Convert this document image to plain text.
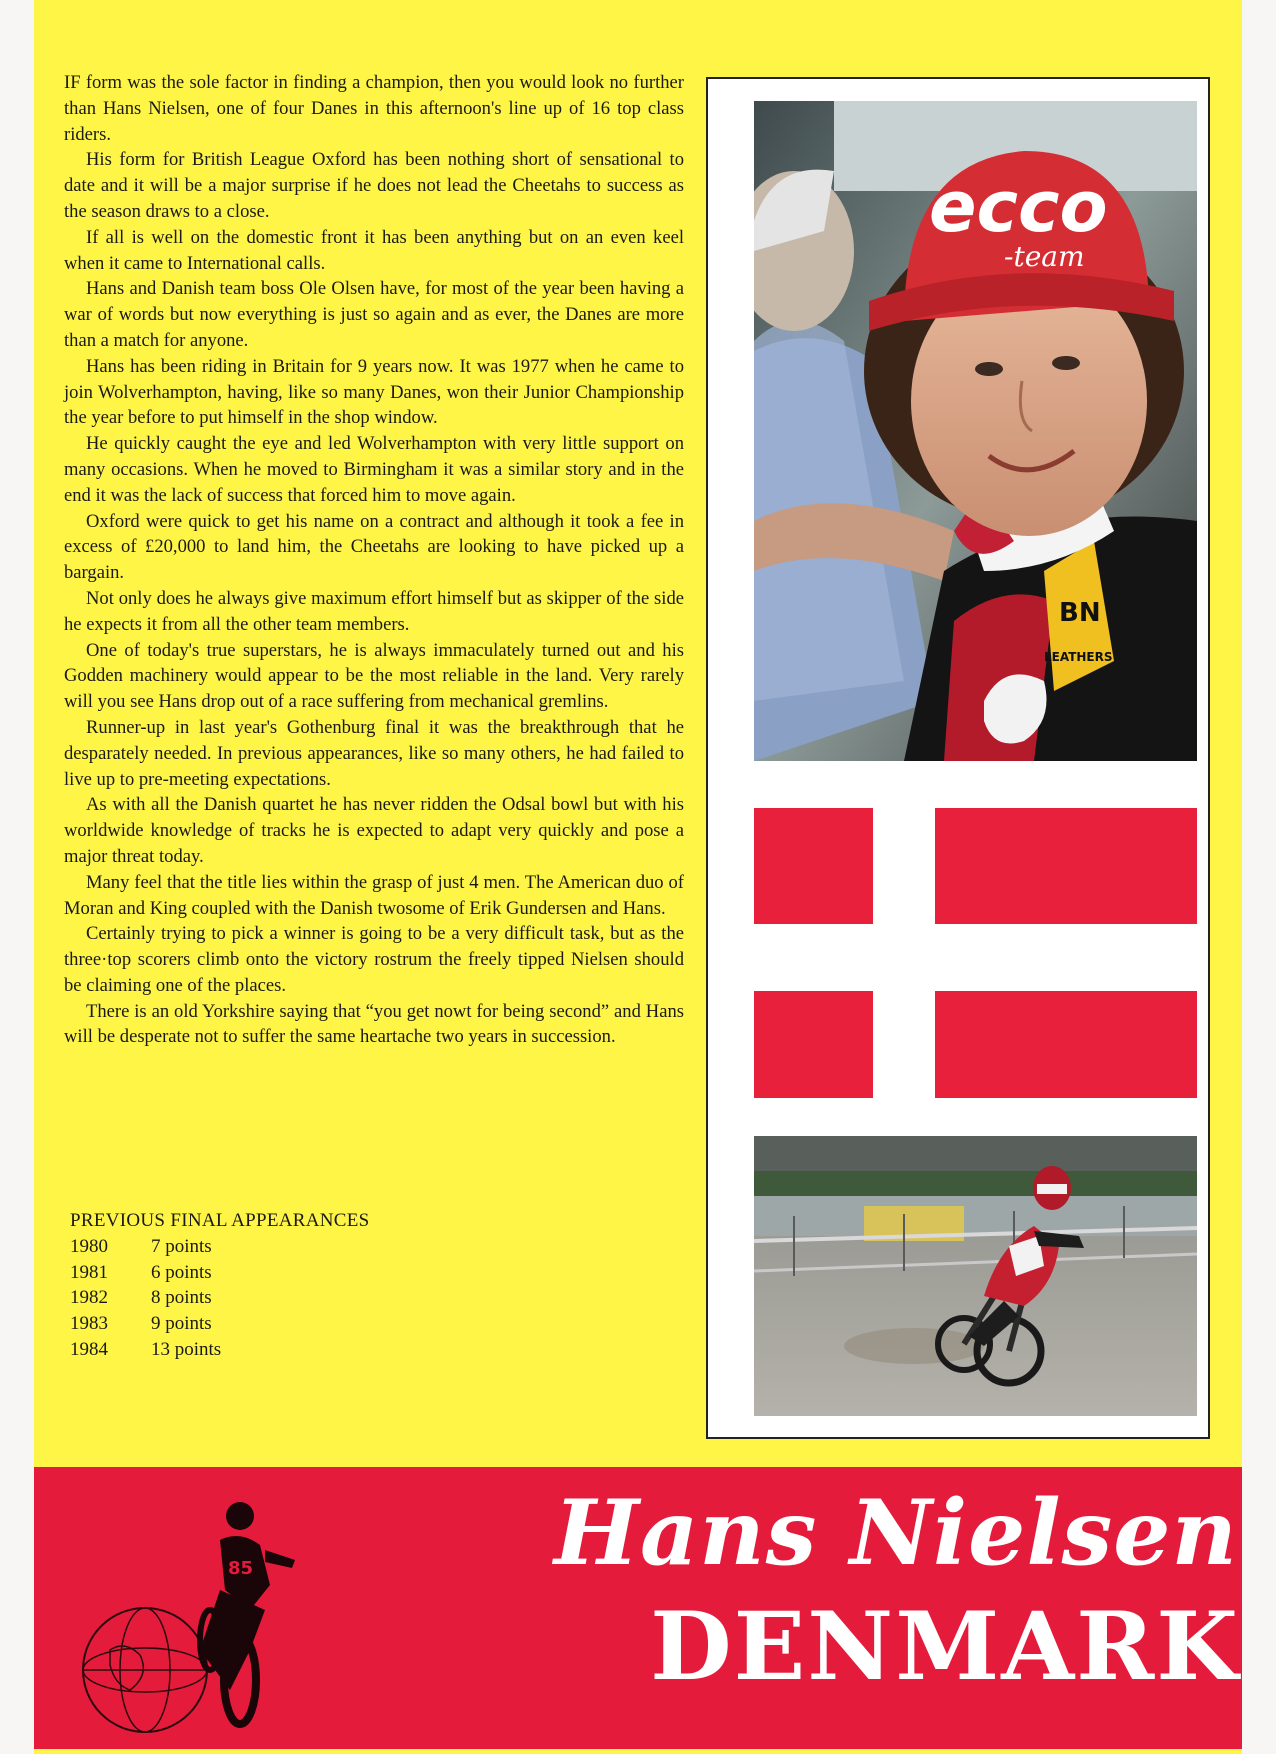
IF form was the sole factor in finding a champion, then you would look no further than Hans Nielsen, one of four Danes in this afternoon's line up of 16 top class riders.

His form for British League Oxford has been nothing short of sensational to date and it will be a major surprise if he does not lead the Cheetahs to success as the season draws to a close.

If all is well on the domestic front it has been anything but on an even keel when it came to International calls.

Hans and Danish team boss Ole Olsen have, for most of the year been having a war of words but now everything is just so again and as ever, the Danes are more than a match for anyone.

Hans has been riding in Britain for 9 years now. It was 1977 when he came to join Wolverhampton, having, like so many Danes, won their Junior Championship the year before to put himself in the shop window.

He quickly caught the eye and led Wolverhampton with very little support on many occasions. When he moved to Birmingham it was a similar story and in the end it was the lack of success that forced him to move again.

Oxford were quick to get his name on a contract and although it took a fee in excess of £20,000 to land him, the Cheetahs are looking to have picked up a bargain.

Not only does he always give maximum effort himself but as skipper of the side he expects it from all the other team members.

One of today's true superstars, he is always immaculately turned out and his Godden machinery would appear to be the most reliable in the land. Very rarely will you see Hans drop out of a race suffering from mechanical gremlins.

Runner-up in last year's Gothenburg final it was the breakthrough that he desparately needed. In previous appearances, like so many others, he had failed to live up to pre-meeting expectations.

As with all the Danish quartet he has never ridden the Odsal bowl but with his worldwide knowledge of tracks he is expected to adapt very quickly and pose a major threat today.

Many feel that the title lies within the grasp of just 4 men. The American duo of Moran and King coupled with the Danish twosome of Erik Gundersen and Hans.

Certainly trying to pick a winner is going to be a very difficult task, but as the three·top scorers climb onto the victory rostrum the freely tipped Nielsen should be claiming one of the places.

There is an old Yorkshire saying that “you get nowt for being second” and Hans will be desperate not to suffer the same heartache two years in succession.

PREVIOUS FINAL APPEARANCES
1980	7 points
1981	6 points
1982	8 points
1983	9 points
1984	13 points
BN
LEATHERS
ecco
-team
85	Hans Nielsen
DENMARK
